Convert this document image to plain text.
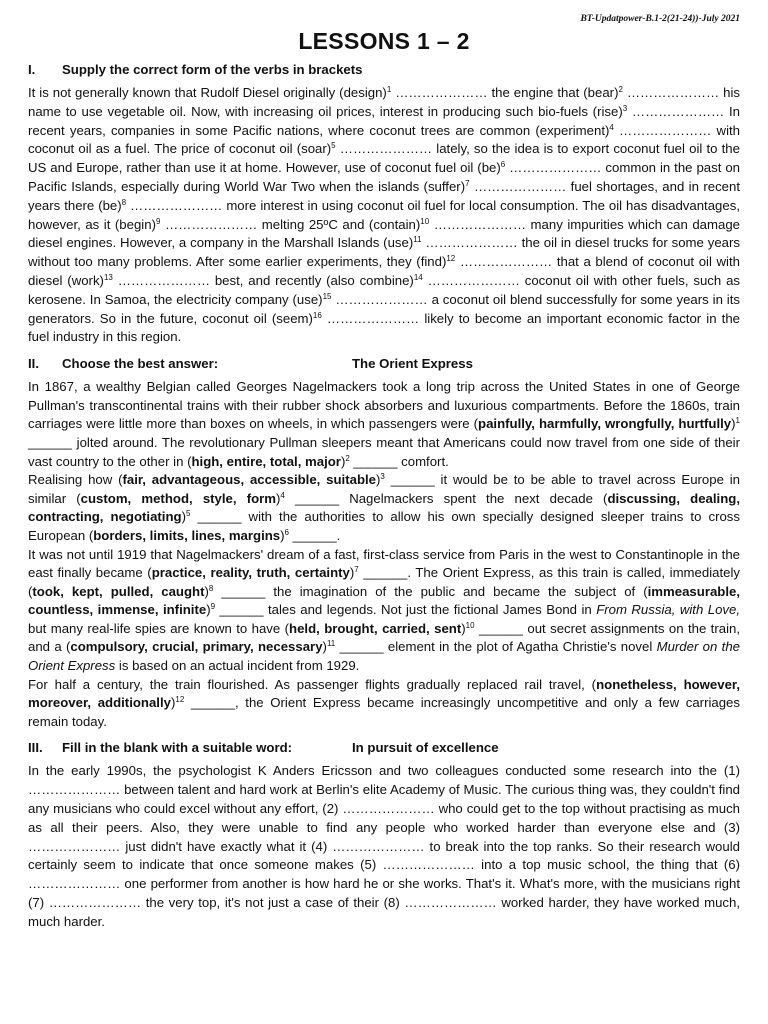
BT-Updatpower-B.1-2(21-24))-July 2021
LESSONS 1 – 2
I.	Supply the correct form of the verbs in brackets

It is not generally known that Rudolf Diesel originally (design)$^1$ ………………… the engine that (bear)$^2$ ………………… his name to use vegetable oil. Now, with increasing oil prices, interest in producing such bio-fuels (rise)$^3$ ………………… In recent years, companies in some Pacific nations, where coconut trees are common (experiment)$^4$ ………………… with coconut oil as a fuel. The price of coconut oil (soar)$^5$ ………………… lately, so the idea is to export coconut fuel oil to the US and Europe, rather than use it at home. However, use of coconut fuel oil (be)$^6$ ………………… common in the past on Pacific Islands, especially during World War Two when the islands (suffer)$^7$ ………………… fuel shortages, and in recent years there (be)$^8$ ………………… more interest in using coconut oil fuel for local consumption. The oil has disadvantages, however, as it (begin)$^9$ ………………… melting 25ºC and (contain)$^{10}$ ………………… many impurities which can damage diesel engines. However, a company in the Marshall Islands (use)$^{11}$ ………………… the oil in diesel trucks for some years without too many problems. After some earlier experiments, they (find)$^{12}$ ………………… that a blend of coconut oil with diesel (work)$^{13}$ ………………… best, and recently (also combine)$^{14}$ ………………… coconut oil with other fuels, such as kerosene. In Samoa, the electricity company (use)$^{15}$ ………………… a coconut oil blend successfully for some years in its generators. So in the future, coconut oil (seem)$^{16}$ ………………… likely to become an important economic factor in the fuel industry in this region.

II.	Choose the best answer:	The Orient Express

In 1867, a wealthy Belgian called Georges Nagelmackers took a long trip across the United States in one of George Pullman's transcontinental trains with their rubber shock absorbers and luxurious compartments. Before the 1860s, train carriages were little more than boxes on wheels, in which passengers were (painfully, harmfully, wrongfully, hurtfully)$^1$ ______ jolted around. The revolutionary Pullman sleepers meant that Americans could now travel from one side of their vast country to the other in (high, entire, total, major)$^2$ ______ comfort.

Realising how (fair, advantageous, accessible, suitable)$^3$ ______ it would be to be able to travel across Europe in similar (custom, method, style, form)$^4$ ______ Nagelmackers spent the next decade (discussing, dealing, contracting, negotiating)$^5$ ______ with the authorities to allow his own specially designed sleeper trains to cross European (borders, limits, lines, margins)$^6$ ______.

It was not until 1919 that Nagelmackers' dream of a fast, first-class service from Paris in the west to Constantinople in the east finally became (practice, reality, truth, certainty)$^7$ ______. The Orient Express, as this train is called, immediately (took, kept, pulled, caught)$^8$ ______ the imagination of the public and became the subject of (immeasurable, countless, immense, infinite)$^9$ ______ tales and legends. Not just the fictional James Bond in From Russia, with Love, but many real-life spies are known to have (held, brought, carried, sent)$^{10}$ ______ out secret assignments on the train, and a (compulsory, crucial, primary, necessary)$^{11}$ ______ element in the plot of Agatha Christie's novel Murder on the Orient Express is based on an actual incident from 1929.

For half a century, the train flourished. As passenger flights gradually replaced rail travel, (nonetheless, however, moreover, additionally)$^{12}$ ______, the Orient Express became increasingly uncompetitive and only a few carriages remain today.

III.	Fill in the blank with a suitable word:	In pursuit of excellence

In the early 1990s, the psychologist K Anders Ericsson and two colleagues conducted some research into the (1) ………………… between talent and hard work at Berlin's elite Academy of Music. The curious thing was, they couldn't find any musicians who could excel without any effort, (2) ………………… who could get to the top without practising as much as all their peers. Also, they were unable to find any people who worked harder than everyone else and (3) ………………… just didn't have exactly what it (4) ………………… to break into the top ranks. So their research would certainly seem to indicate that once someone makes (5) ………………… into a top music school, the thing that (6) ………………… one performer from another is how hard he or she works. That's it. What's more, with the musicians right (7) ………………… the very top, it's not just a case of their (8) ………………… worked harder, they have worked much, much harder.
